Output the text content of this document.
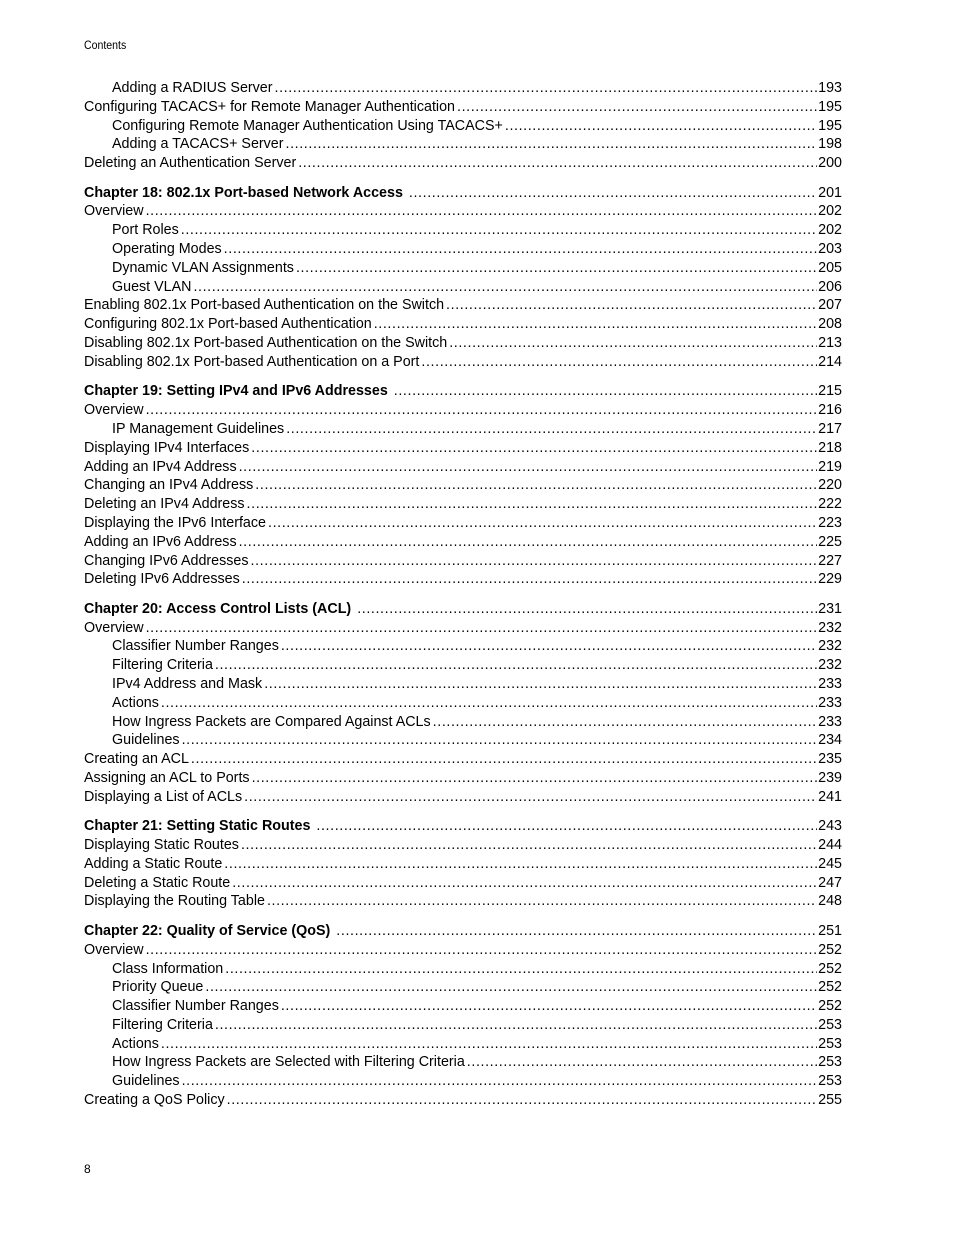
Contents
Adding a RADIUS Server .....	193
Configuring TACACS+ for Remote Manager Authentication .....	195
Configuring Remote Manager Authentication Using TACACS+ .....	195
Adding a TACACS+ Server .....	198
Deleting an Authentication Server .....	200
Chapter 18: 802.1x Port-based Network Access .....	201
Overview .....	202
Port Roles .....	202
Operating Modes .....	203
Dynamic VLAN Assignments .....	205
Guest VLAN .....	206
Enabling 802.1x Port-based Authentication on the Switch .....	207
Configuring 802.1x Port-based Authentication .....	208
Disabling 802.1x Port-based Authentication on the Switch .....	213
Disabling 802.1x Port-based Authentication on a Port .....	214
Chapter 19: Setting IPv4 and IPv6 Addresses .....	215
Overview .....	216
IP Management Guidelines .....	217
Displaying IPv4 Interfaces .....	218
Adding an IPv4 Address .....	219
Changing an IPv4 Address .....	220
Deleting an IPv4 Address .....	222
Displaying the IPv6 Interface .....	223
Adding an IPv6 Address .....	225
Changing IPv6 Addresses .....	227
Deleting IPv6 Addresses .....	229
Chapter 20: Access Control Lists (ACL) .....	231
Overview .....	232
Classifier Number Ranges .....	232
Filtering Criteria .....	232
IPv4 Address and Mask .....	233
Actions .....	233
How Ingress Packets are Compared Against ACLs .....	233
Guidelines .....	234
Creating an ACL .....	235
Assigning an ACL to Ports .....	239
Displaying a List of ACLs .....	241
Chapter 21: Setting Static Routes .....	243
Displaying Static Routes .....	244
Adding a Static Route .....	245
Deleting a Static Route .....	247
Displaying the Routing Table .....	248
Chapter 22: Quality of Service (QoS) .....	251
Overview .....	252
Class Information .....	252
Priority Queue .....	252
Classifier Number Ranges .....	252
Filtering Criteria .....	253
Actions .....	253
How Ingress Packets are Selected with Filtering Criteria .....	253
Guidelines .....	253
Creating a QoS Policy .....	255
8
